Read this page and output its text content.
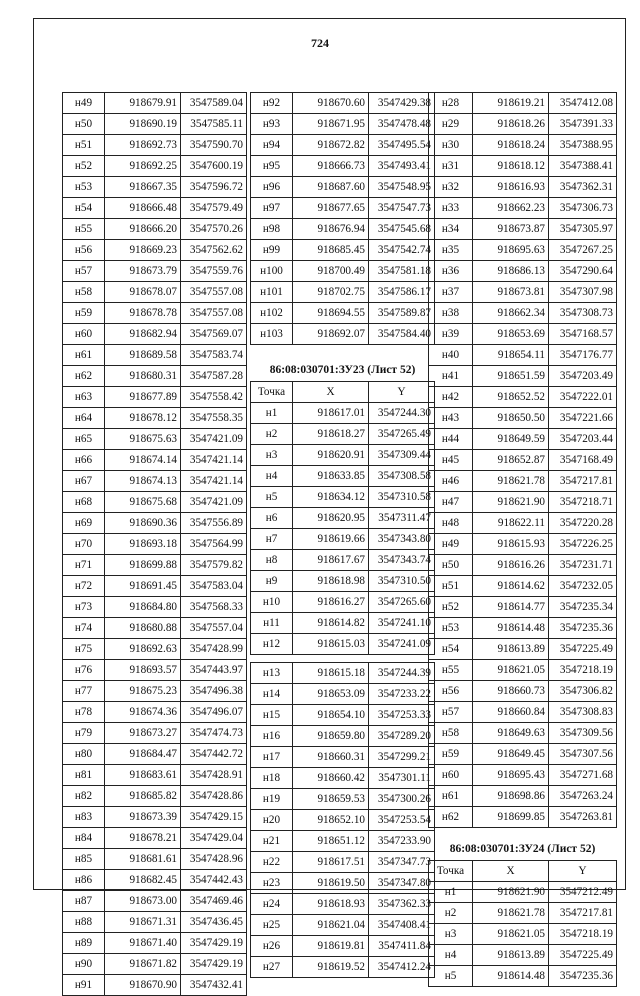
724
н49	918679.91	3547589.04
н50	918690.19	3547585.11
н51	918692.73	3547590.70
н52	918692.25	3547600.19
н53	918667.35	3547596.72
н54	918666.48	3547579.49
н55	918666.20	3547570.26
н56	918669.23	3547562.62
н57	918673.79	3547559.76
н58	918678.07	3547557.08
н59	918678.78	3547557.08
н60	918682.94	3547569.07
н61	918689.58	3547583.74
н62	918680.31	3547587.28
н63	918677.89	3547558.42
н64	918678.12	3547558.35
н65	918675.63	3547421.09
н66	918674.14	3547421.14
н67	918674.13	3547421.14
н68	918675.68	3547421.09
н69	918690.36	3547556.89
н70	918693.18	3547564.99
н71	918699.88	3547579.82
н72	918691.45	3547583.04
н73	918684.80	3547568.33
н74	918680.88	3547557.04
н75	918692.63	3547428.99
н76	918693.57	3547443.97
н77	918675.23	3547496.38
н78	918674.36	3547496.07
н79	918673.27	3547474.73
н80	918684.47	3547442.72
н81	918683.61	3547428.91
н82	918685.82	3547428.86
н83	918673.39	3547429.15
н84	918678.21	3547429.04
н85	918681.61	3547428.96
н86	918682.45	3547442.43
н87	918673.00	3547469.46
н88	918671.31	3547436.45
н89	918671.40	3547429.19
н90	918671.82	3547429.19
н91	918670.90	3547432.41
н92	918670.60	3547429.38
н93	918671.95	3547478.48
н94	918672.82	3547495.54
н95	918666.73	3547493.41
н96	918687.60	3547548.95
н97	918677.65	3547547.73
н98	918676.94	3547545.68
н99	918685.45	3547542.74
н100	918700.49	3547581.18
н101	918702.75	3547586.17
н102	918694.55	3547589.87
н103	918692.07	3547584.40
86:08:030701:ЗУ23 (Лист 52)
Точка	X	Y
н1	918617.01	3547244.30
н2	918618.27	3547265.49
н3	918620.91	3547309.44
н4	918633.85	3547308.58
н5	918634.12	3547310.58
н6	918620.95	3547311.47
н7	918619.66	3547343.80
н8	918617.67	3547343.74
н9	918618.98	3547310.50
н10	918616.27	3547265.60
н11	918614.82	3547241.10
н12	918615.03	3547241.09
н13	918615.18	3547244.39
н14	918653.09	3547233.22
н15	918654.10	3547253.33
н16	918659.80	3547289.20
н17	918660.31	3547299.21
н18	918660.42	3547301.11
н19	918659.53	3547300.26
н20	918652.10	3547253.54
н21	918651.12	3547233.90
н22	918617.51	3547347.73
н23	918619.50	3547347.80
н24	918618.93	3547362.33
н25	918621.04	3547408.41
н26	918619.81	3547411.84
н27	918619.52	3547412.24
н28	918619.21	3547412.08
н29	918618.26	3547391.33
н30	918618.24	3547388.95
н31	918618.12	3547388.41
н32	918616.93	3547362.31
н33	918662.23	3547306.73
н34	918673.87	3547305.97
н35	918695.63	3547267.25
н36	918686.13	3547290.64
н37	918673.81	3547307.98
н38	918662.34	3547308.73
н39	918653.69	3547168.57
н40	918654.11	3547176.77
н41	918651.59	3547203.49
н42	918652.52	3547222.01
н43	918650.50	3547221.66
н44	918649.59	3547203.44
н45	918652.87	3547168.49
н46	918621.78	3547217.81
н47	918621.90	3547218.71
н48	918622.11	3547220.28
н49	918615.93	3547226.25
н50	918616.26	3547231.71
н51	918614.62	3547232.05
н52	918614.77	3547235.34
н53	918614.48	3547235.36
н54	918613.89	3547225.49
н55	918621.05	3547218.19
н56	918660.73	3547306.82
н57	918660.84	3547308.83
н58	918649.63	3547309.56
н59	918649.45	3547307.56
н60	918695.43	3547271.68
н61	918698.86	3547263.24
н62	918699.85	3547263.81
86:08:030701:ЗУ24 (Лист 52)
Точка	X	Y
н1	918621.90	3547212.49
н2	918621.78	3547217.81
н3	918621.05	3547218.19
н4	918613.89	3547225.49
н5	918614.48	3547235.36
